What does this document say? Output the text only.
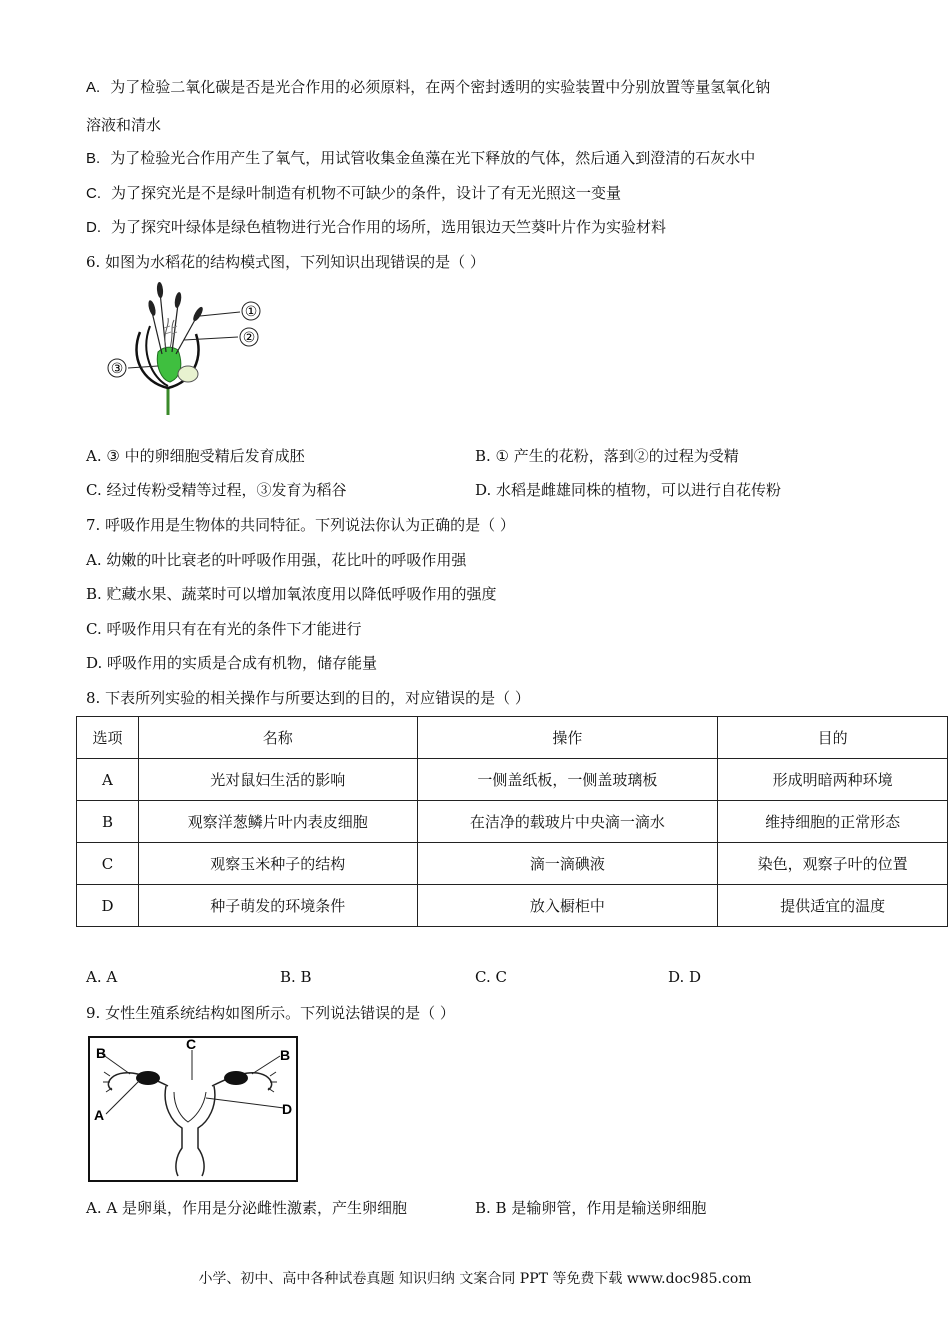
A. 为了检验二氧化碳是否是光合作用的必须原料，在两个密封透明的实验装置中分别放置等量氢氧化钠
溶液和清水
B. 为了检验光合作用产生了氧气，用试管收集金鱼藻在光下释放的气体，然后通入到澄清的石灰水中
C. 为了探究光是不是绿叶制造有机物不可缺少的条件，设计了有无光照这一变量
D. 为了探究叶绿体是绿色植物进行光合作用的场所，选用银边天竺葵叶片作为实验材料
6. 如图为水稻花的结构模式图，下列知识出现错误的是（ ）
①
②
③
A. ③ 中的卵细胞受精后发育成胚	B. ① 产生的花粉，落到②的过程为受精
C. 经过传粉受精等过程，③发育为稻谷	D. 水稻是雌雄同株的植物，可以进行自花传粉
7. 呼吸作用是生物体的共同特征。下列说法你认为正确的是（ ）
A. 幼嫩的叶比衰老的叶呼吸作用强，花比叶的呼吸作用强
B. 贮藏水果、蔬菜时可以增加氧浓度用以降低呼吸作用的强度
C. 呼吸作用只有在有光的条件下才能进行
D. 呼吸作用的实质是合成有机物，储存能量
8. 下表所列实验的相关操作与所要达到的目的，对应错误的是（ ）
选项	名称	操作	目的
A	光对鼠妇生活的影响	一侧盖纸板，一侧盖玻璃板	形成明暗两种环境
B	观察洋葱鳞片叶内表皮细胞	在洁净的载玻片中央滴一滴水	维持细胞的正常形态
C	观察玉米种子的结构	滴一滴碘液	染色，观察子叶的位置
D	种子萌发的环境条件	放入橱柜中	提供适宜的温度
A. A	B. B	C. C	D. D
9. 女性生殖系统结构如图所示。下列说法错误的是（ ）
B
C
B
A	D
A. A 是卵巢，作用是分泌雌性激素，产生卵细胞	B. B 是输卵管，作用是输送卵细胞
小学、初中、高中各种试卷真题 知识归纳 文案合同 PPT 等免费下载 www.doc985.com
